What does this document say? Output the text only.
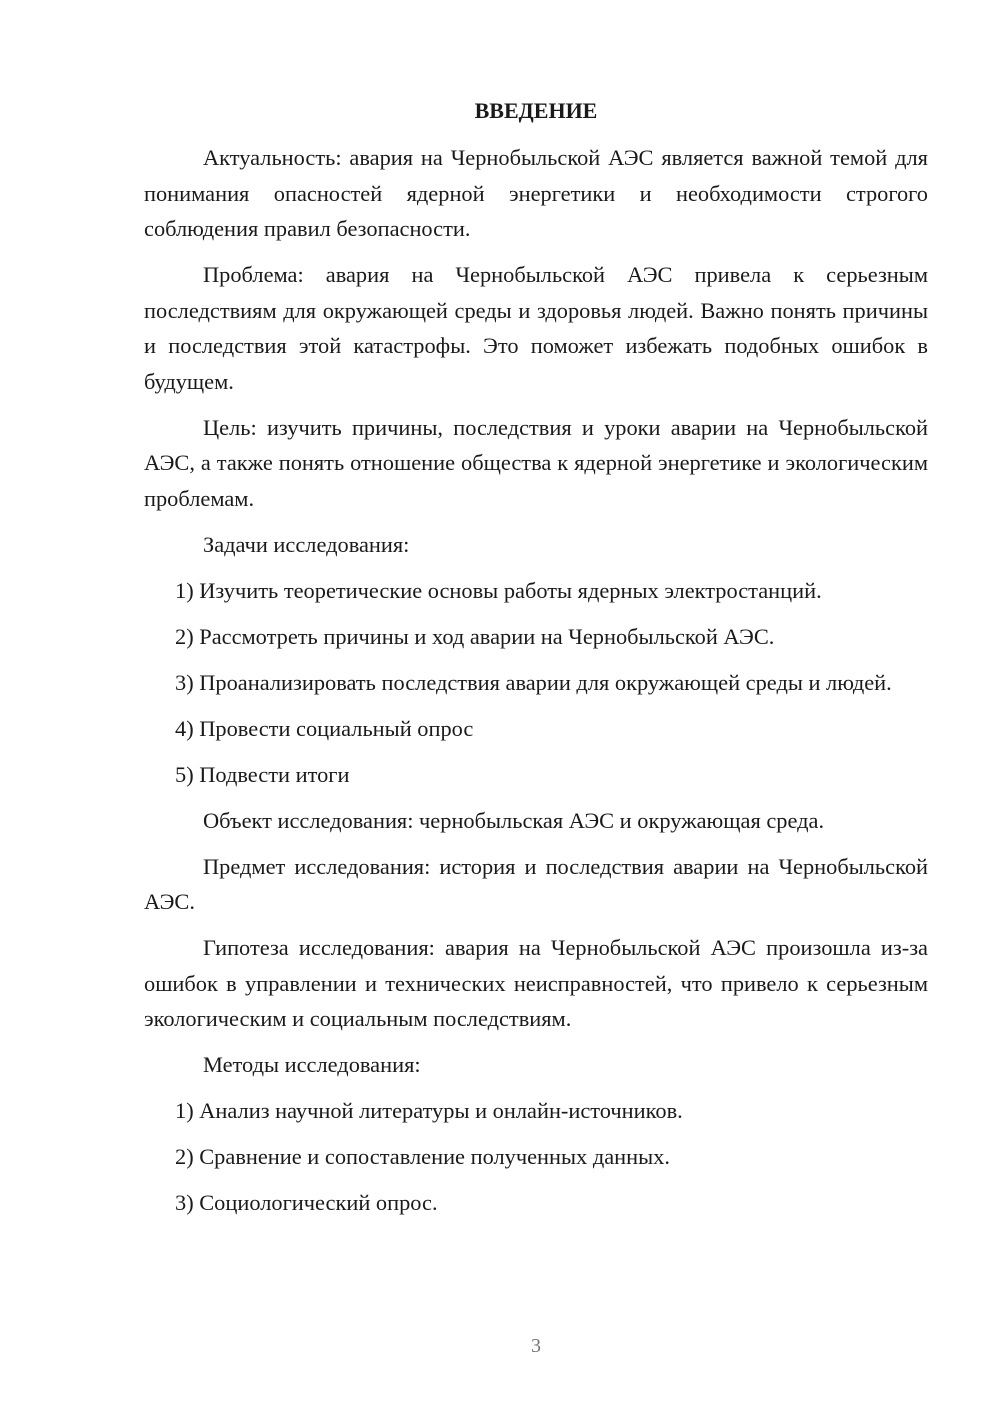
ВВЕДЕНИЕ

Актуальность: авария на Чернобыльской АЭС является важной темой для понимания опасностей ядерной энергетики и необходимости строгого соблюдения правил безопасности.

Проблема: авария на Чернобыльской АЭС привела к серьезным последствиям для окружающей среды и здоровья людей. Важно понять причины и последствия этой катастрофы. Это поможет избежать подобных ошибок в будущем.

Цель: изучить причины, последствия и уроки аварии на Чернобыльской АЭС, а также понять отношение общества к ядерной энергетике и экологическим проблемам.

Задачи исследования:

1) Изучить теоретические основы работы ядерных электростанций.

2) Рассмотреть причины и ход аварии на Чернобыльской АЭС.

3) Проанализировать последствия аварии для окружающей среды и людей.

4) Провести социальный опрос

5) Подвести итоги

Объект исследования: чернобыльская АЭС и окружающая среда.

Предмет исследования: история и последствия аварии на Чернобыльской АЭС.

Гипотеза исследования: авария на Чернобыльской АЭС произошла из-за ошибок в управлении и технических неисправностей, что привело к серьезным экологическим и социальным последствиям.

Методы исследования:

1) Анализ научной литературы и онлайн-источников.

2) Сравнение и сопоставление полученных данных.

3) Социологический опрос.

3
